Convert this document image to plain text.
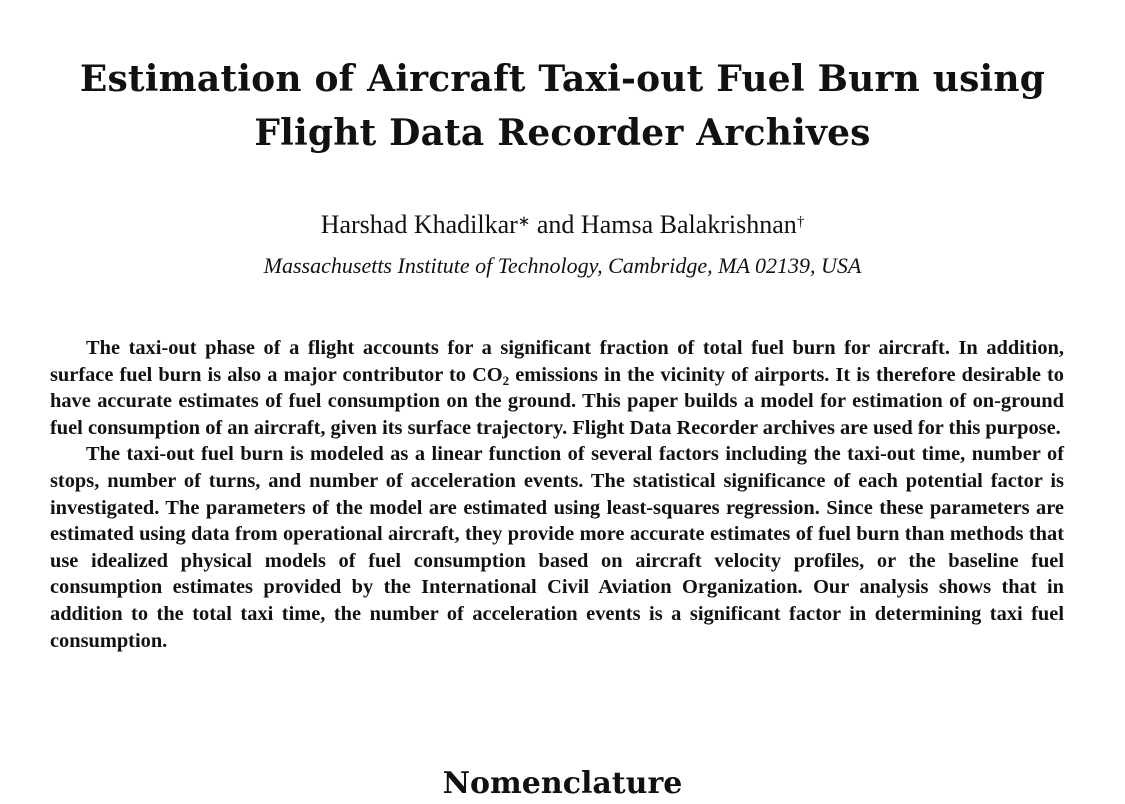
Estimation of Aircraft Taxi-out Fuel Burn using
Flight Data Recorder Archives
Harshad Khadilkar∗ and Hamsa Balakrishnan†
Massachusetts Institute of Technology, Cambridge, MA 02139, USA

The taxi-out phase of a flight accounts for a significant fraction of total fuel burn for aircraft. In addition, surface fuel burn is also a major contributor to $CO_2$ emissions in the vicinity of airports. It is therefore desirable to have accurate estimates of fuel consumption on the ground. This paper builds a model for estimation of on-ground fuel consumption of an aircraft, given its surface trajectory. Flight Data Recorder archives are used for this purpose.

The taxi-out fuel burn is modeled as a linear function of several factors including the taxi-out time, number of stops, number of turns, and number of acceleration events. The statistical significance of each potential factor is investigated. The parameters of the model are estimated using least-squares regression. Since these parameters are estimated using data from operational aircraft, they provide more accurate estimates of fuel burn than methods that use idealized physical models of fuel consumption based on aircraft velocity profiles, or the baseline fuel consumption estimates provided by the International Civil Aviation Organization. Our analysis shows that in addition to the total taxi time, the number of acceleration events is a significant factor in determining taxi fuel consumption.

Nomenclature
